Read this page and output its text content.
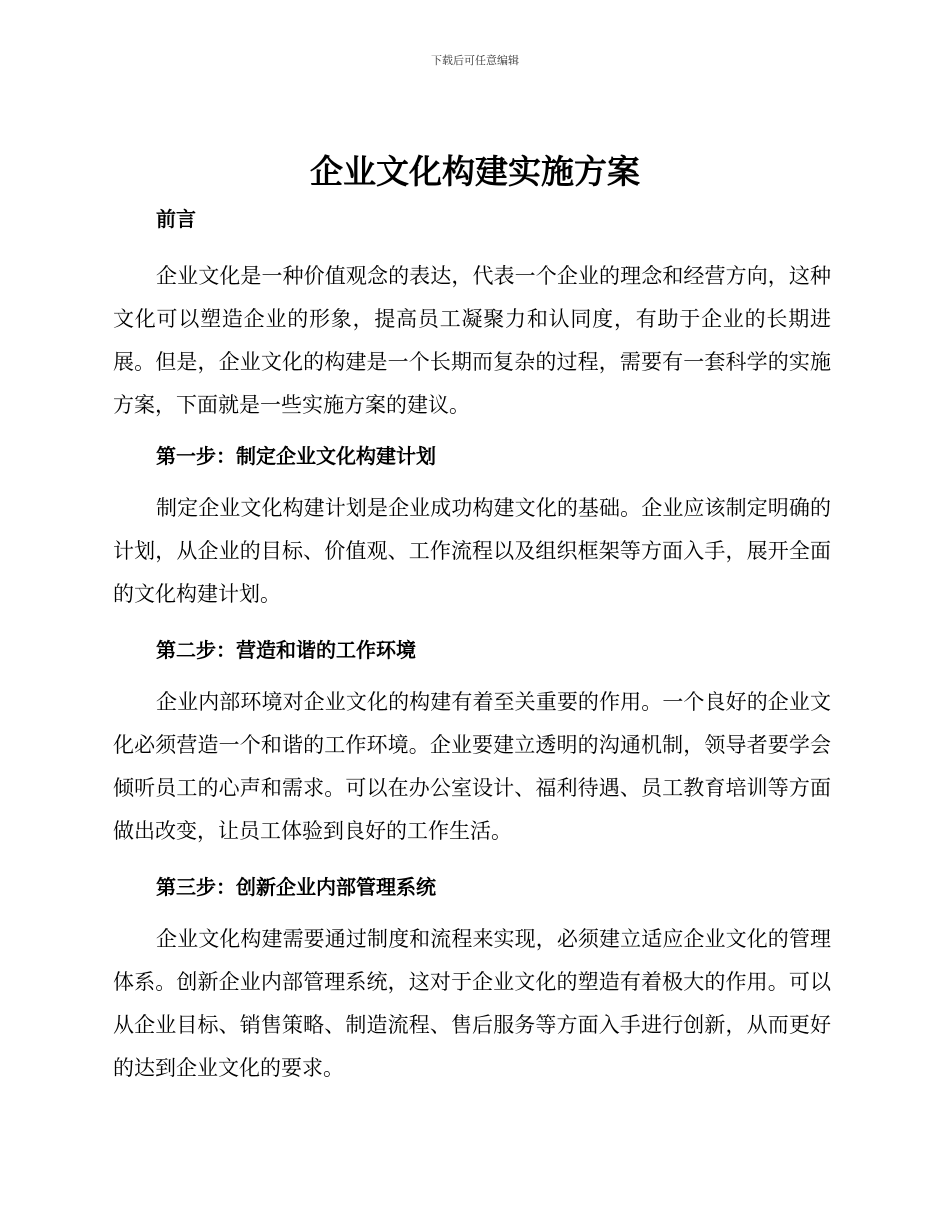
下载后可任意编辑
企业文化构建实施方案
前言

企业文化是一种价值观念的表达，代表一个企业的理念和经营方向，这种文化可以塑造企业的形象，提高员工凝聚力和认同度，有助于企业的长期进展。但是，企业文化的构建是一个长期而复杂的过程，需要有一套科学的实施方案，下面就是一些实施方案的建议。

第一步：制定企业文化构建计划

制定企业文化构建计划是企业成功构建文化的基础。企业应该制定明确的计划，从企业的目标、价值观、工作流程以及组织框架等方面入手，展开全面的文化构建计划。

第二步：营造和谐的工作环境

企业内部环境对企业文化的构建有着至关重要的作用。一个良好的企业文化必须营造一个和谐的工作环境。企业要建立透明的沟通机制，领导者要学会倾听员工的心声和需求。可以在办公室设计、福利待遇、员工教育培训等方面做出改变，让员工体验到良好的工作生活。

第三步：创新企业内部管理系统

企业文化构建需要通过制度和流程来实现，必须建立适应企业文化的管理体系。创新企业内部管理系统，这对于企业文化的塑造有着极大的作用。可以从企业目标、销售策略、制造流程、售后服务等方面入手进行创新，从而更好的达到企业文化的要求。
